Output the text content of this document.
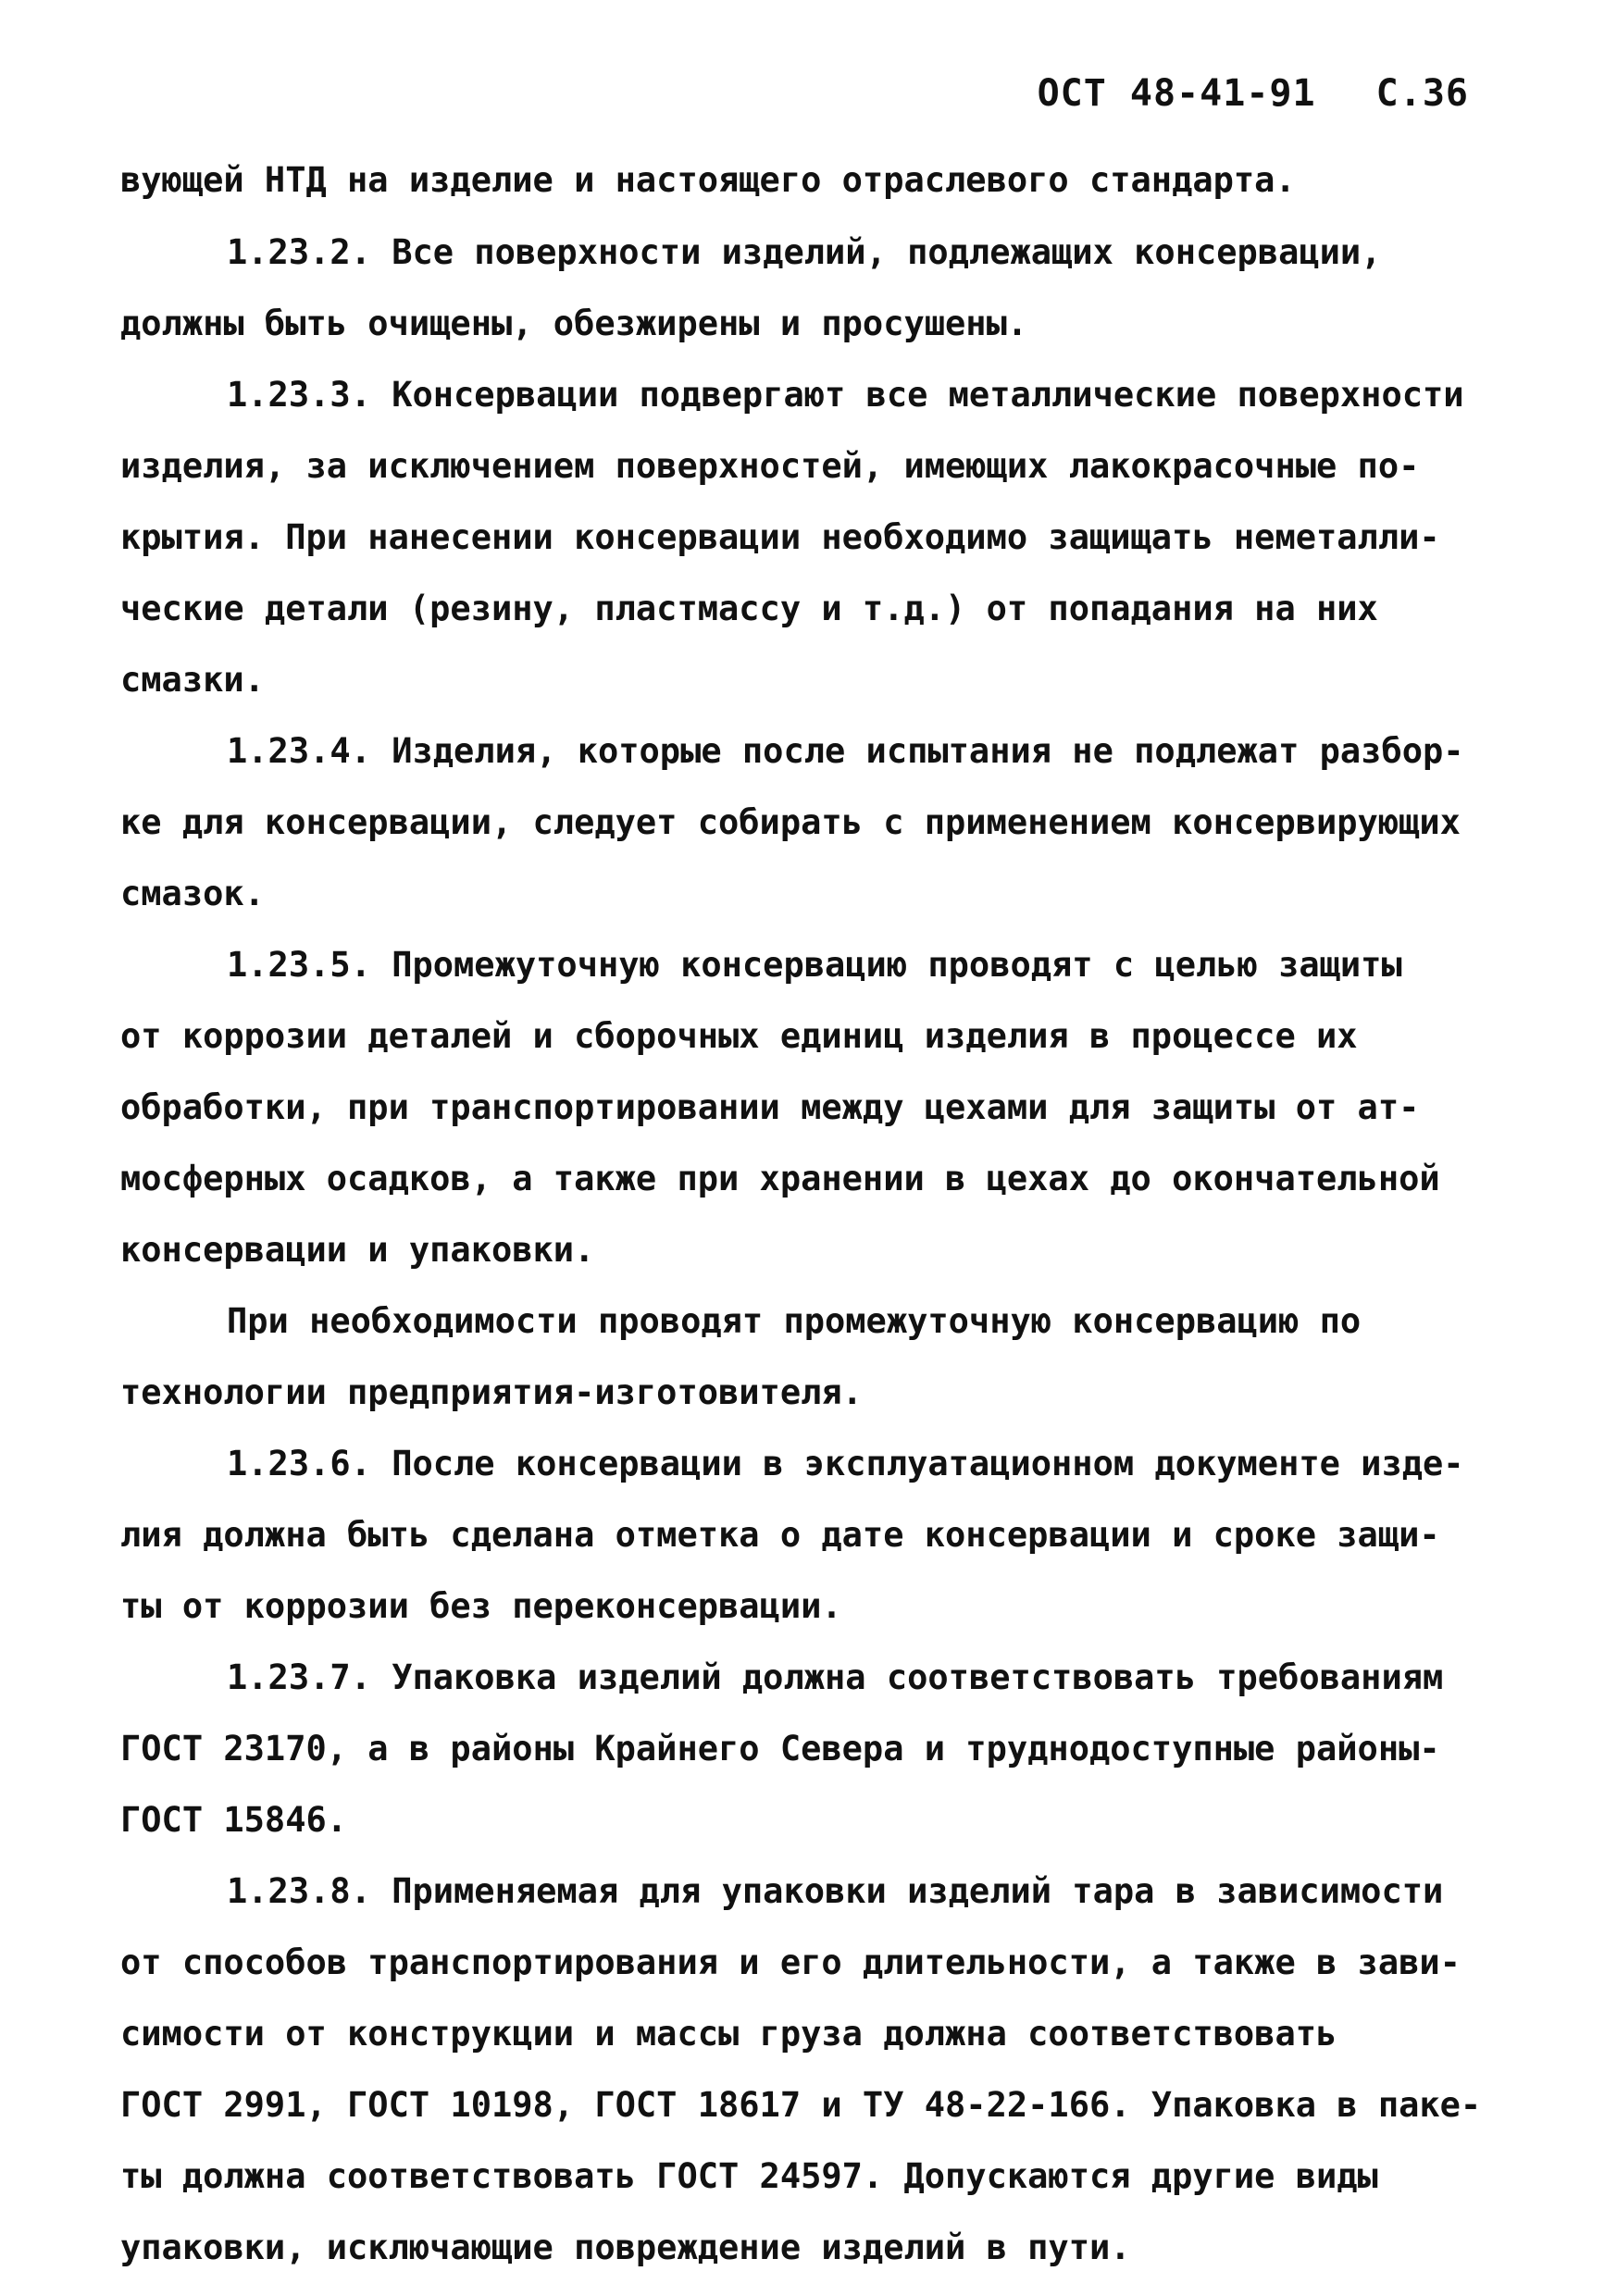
ОСТ 48-41-91 С.36
вующей НТД на изделие и настоящего отраслевого стандарта.
1.23.2. Все поверхности изделий, подлежащих консервации,
должны быть очищены, обезжирены и просушены.
1.23.3. Консервации подвергают все металлические поверхности
изделия, за исключением поверхностей, имеющих лакокрасочные по-
крытия. При нанесении консервации необходимо защищать неметалли-
ческие детали (резину, пластмассу и т.д.) от попадания на них
смазки.
1.23.4. Изделия, которые после испытания не подлежат разбор-
ке для консервации, следует собирать с применением консервирующих
смазок.
1.23.5. Промежуточную консервацию проводят с целью защиты
от коррозии деталей и сборочных единиц изделия в процессе их
обработки, при транспортировании между цехами для защиты от ат-
мосферных осадков, а также при хранении в цехах до окончательной
консервации и упаковки.
При необходимости проводят промежуточную консервацию по
технологии предприятия-изготовителя.
1.23.6. После консервации в эксплуатационном документе изде-
лия должна быть сделана отметка о дате консервации и сроке защи-
ты от коррозии без переконсервации.
1.23.7. Упаковка изделий должна соответствовать требованиям
ГОСТ 23170, а в районы Крайнего Севера и труднодоступные районы-
ГОСТ 15846.
1.23.8. Применяемая для упаковки изделий тара в зависимости
от способов транспортирования и его длительности, а также в зави-
симости от конструкции и массы груза должна соответствовать
ГОСТ 2991, ГОСТ 10198, ГОСТ 18617 и ТУ 48-22-166. Упаковка в паке-
ты должна соответствовать ГОСТ 24597. Допускаются другие виды
упаковки, исключающие повреждение изделий в пути.
